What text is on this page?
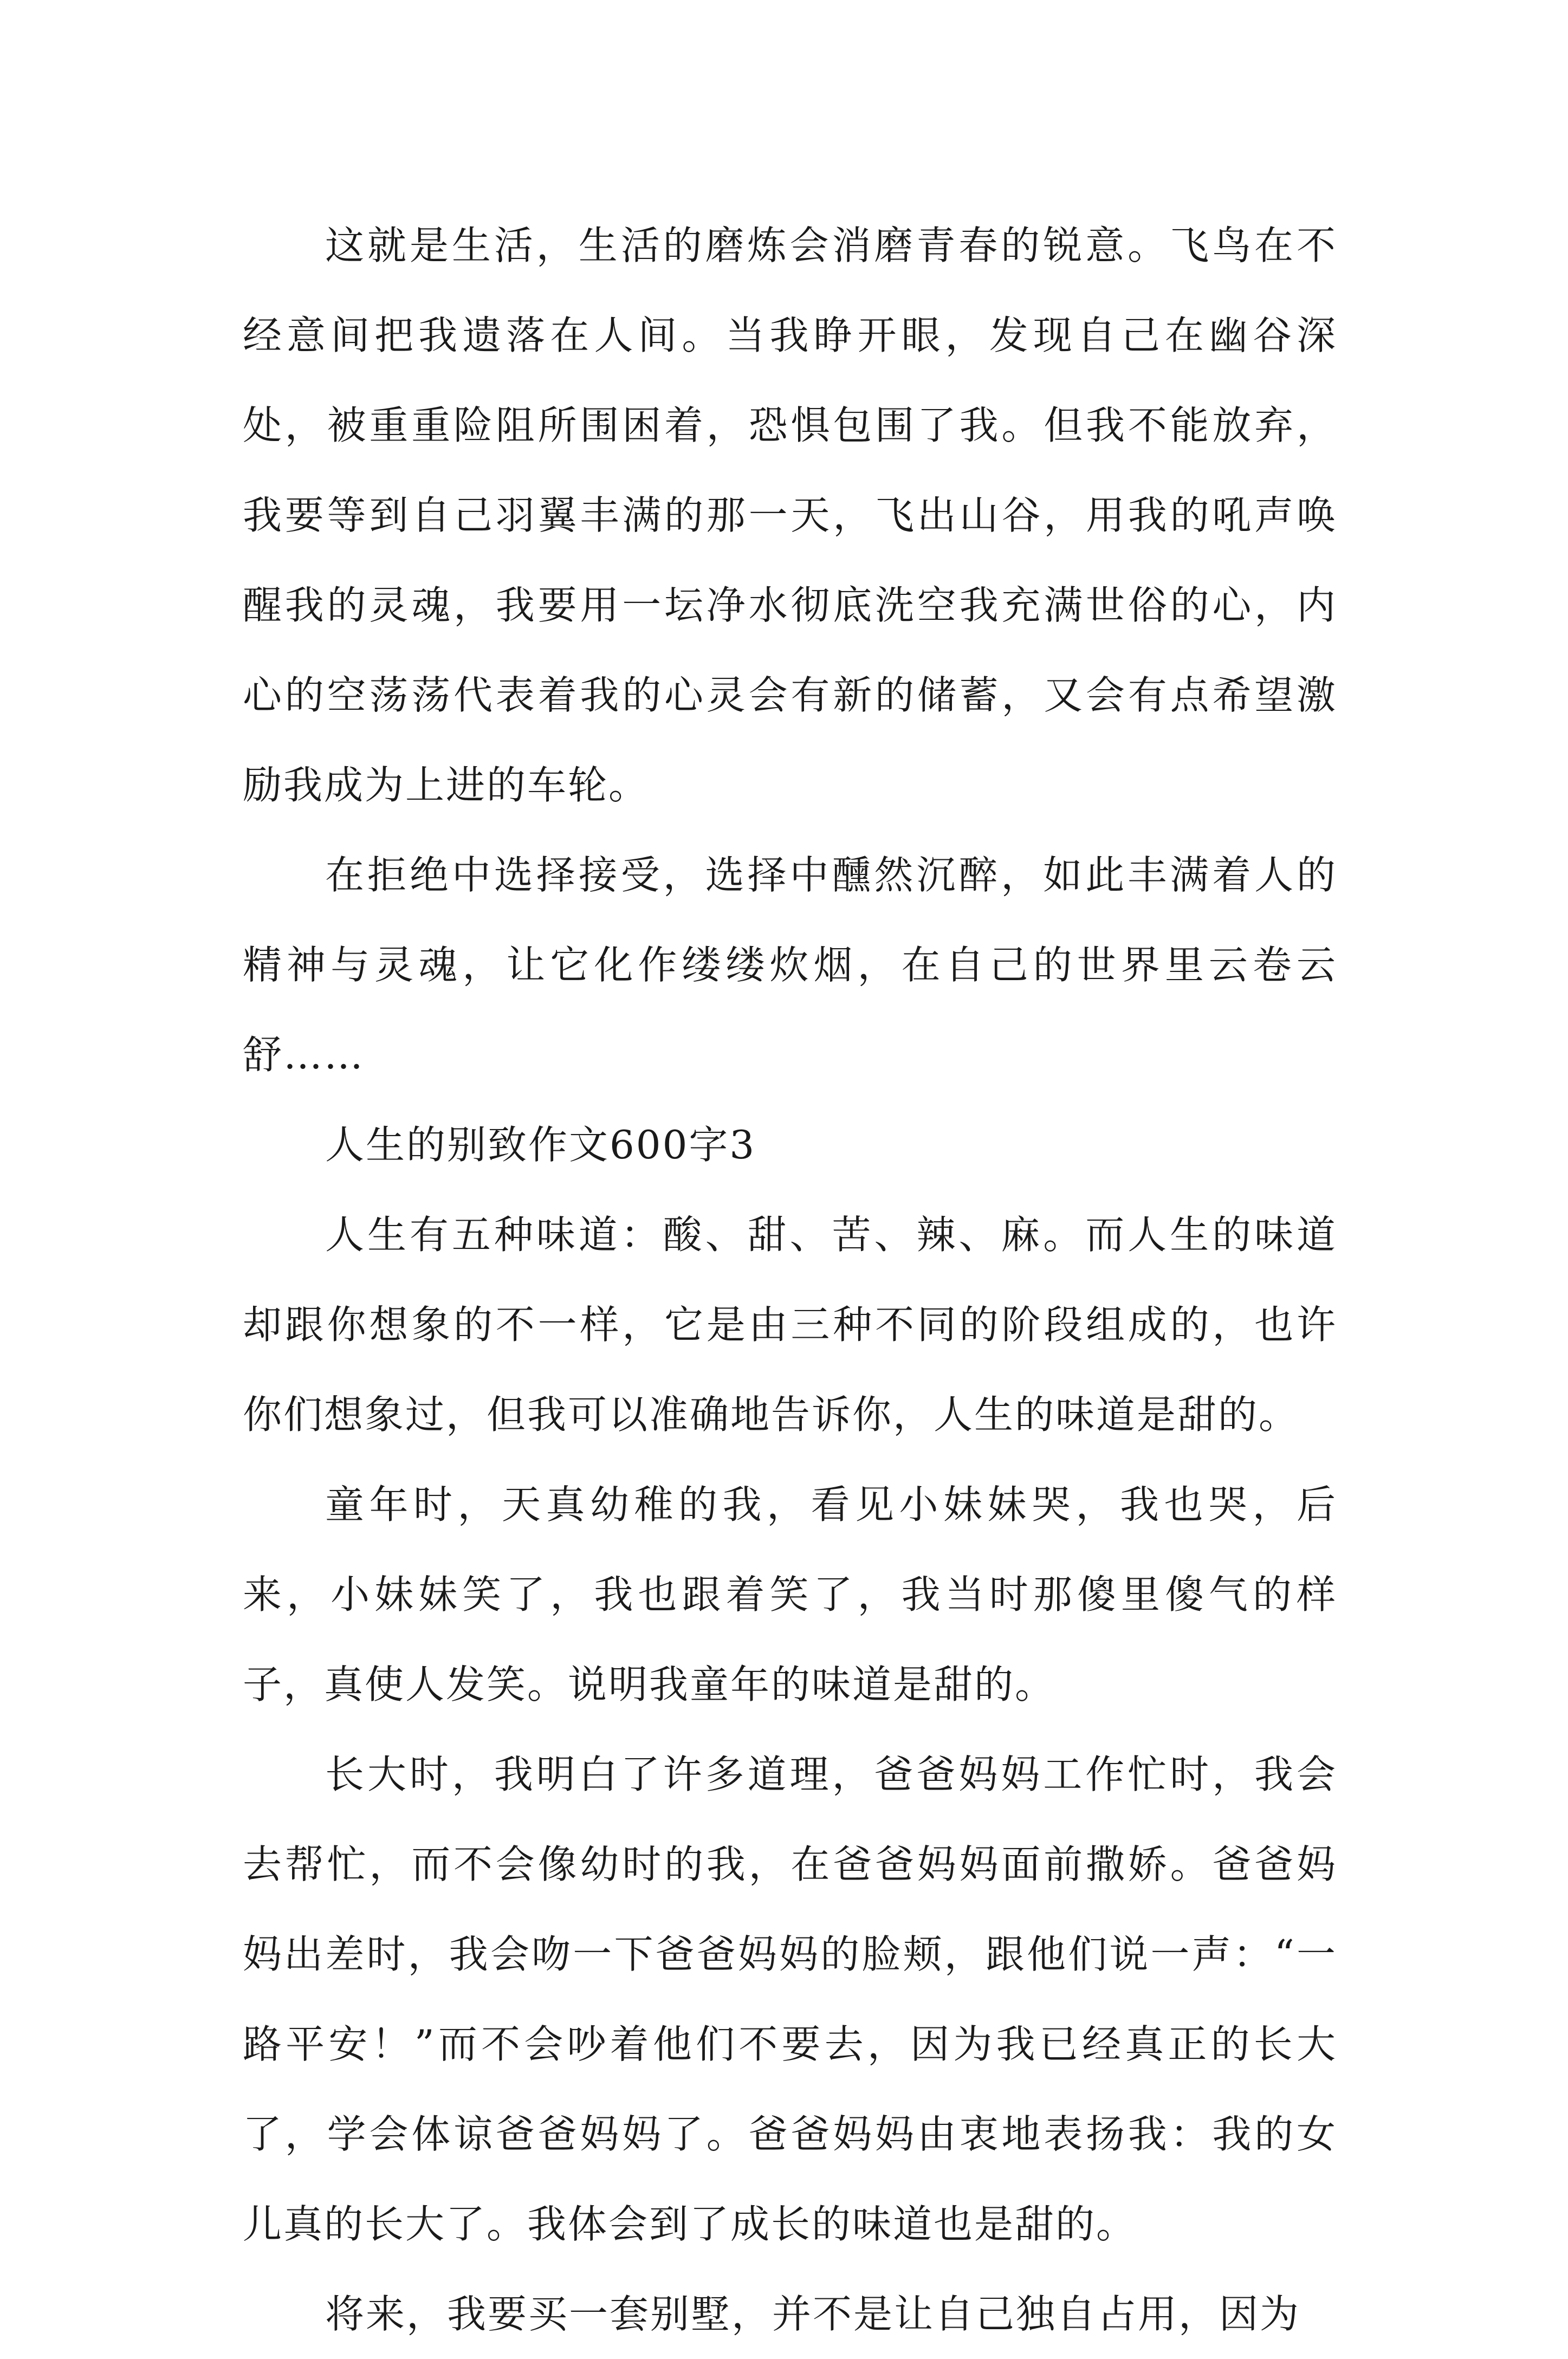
这就是生活，生活的磨炼会消磨青春的锐意。飞鸟在不经意间把我遗落在人间。当我睁开眼，发现自己在幽谷深处，被重重险阻所围困着，恐惧包围了我。但我不能放弃，我要等到自己羽翼丰满的那一天，飞出山谷，用我的吼声唤醒我的灵魂，我要用一坛净水彻底洗空我充满世俗的心，内心的空荡荡代表着我的心灵会有新的储蓄，又会有点希望激励我成为上进的车轮。

在拒绝中选择接受，选择中醺然沉醉，如此丰满着人的精神与灵魂，让它化作缕缕炊烟，在自己的世界里云卷云舒……

人生的别致作文600字3

人生有五种味道：酸、甜、苦、辣、麻。而人生的味道却跟你想象的不一样，它是由三种不同的阶段组成的，也许你们想象过，但我可以准确地告诉你，人生的味道是甜的。

童年时，天真幼稚的我，看见小妹妹哭，我也哭，后来，小妹妹笑了，我也跟着笑了，我当时那傻里傻气的样子，真使人发笑。说明我童年的味道是甜的。

长大时，我明白了许多道理，爸爸妈妈工作忙时，我会去帮忙，而不会像幼时的我，在爸爸妈妈面前撒娇。爸爸妈妈出差时，我会吻一下爸爸妈妈的脸颊，跟他们说一声：“一路平安！”而不会吵着他们不要去，因为我已经真正的长大了，学会体谅爸爸妈妈了。爸爸妈妈由衷地表扬我：我的女儿真的长大了。我体会到了成长的味道也是甜的。

将来，我要买一套别墅，并不是让自己独自占用，因为
